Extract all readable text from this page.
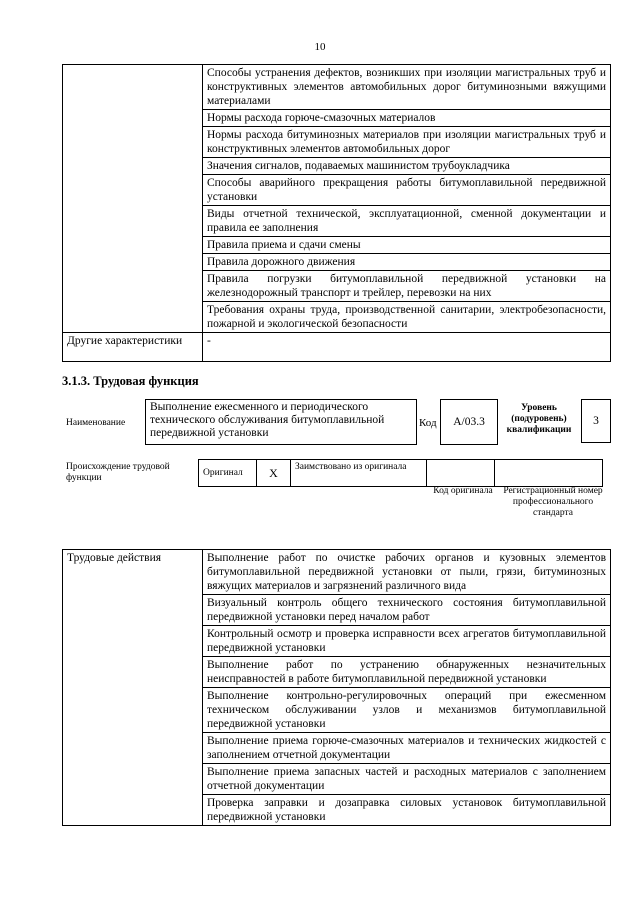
10
	Способы устранения дефектов, возникших при изоляции магистральных труб и конструктивных элементов автомобильных дорог битуминозными вяжущими материалами
	Нормы расхода горюче-смазочных материалов
	Нормы расхода битуминозных материалов при изоляции магистральных труб и конструктивных элементов автомобильных дорог
	Значения сигналов, подаваемых машинистом трубоукладчика
	Способы аварийного прекращения работы битумоплавильной передвижной установки
	Виды отчетной технической, эксплуатационной, сменной документации и правила ее заполнения
	Правила приема и сдачи смены
	Правила дорожного движения
	Правила погрузки битумоплавильной передвижной установки на железнодорожный транспорт и трейлер, перевозки на них
	Требования охраны труда, производственной санитарии, электробезопасности, пожарной и экологической безопасности
Другие характеристики	-
3.1.3. Трудовая функция
Наименование
Выполнение ежесменного и периодического технического обслуживания битумоплавильной передвижной установки
Код	А/03.3
Уровень (подуровень) квалификации
3
Происхождение трудовой функции
Оригинал	X	Заимствовано из оригинала		
Код оригинала	Регистрационный номер профессионального стандарта
Трудовые действия	Выполнение работ по очистке рабочих органов и кузовных элементов битумоплавильной передвижной установки от пыли, грязи, битуминозных вяжущих материалов и загрязнений различного вида
Визуальный контроль общего технического состояния битумоплавильной передвижной установки перед началом работ
Контрольный осмотр и проверка исправности всех агрегатов битумоплавильной передвижной установки
Выполнение работ по устранению обнаруженных незначительных неисправностей в работе битумоплавильной передвижной установки
Выполнение контрольно-регулировочных операций при ежесменном техническом обслуживании узлов и механизмов битумоплавильной передвижной установки
Выполнение приема горюче-смазочных материалов и технических жидкостей с заполнением отчетной документации
Выполнение приема запасных частей и расходных материалов с заполнением отчетной документации
Проверка заправки и дозаправка силовых установок битумоплавильной передвижной установки
